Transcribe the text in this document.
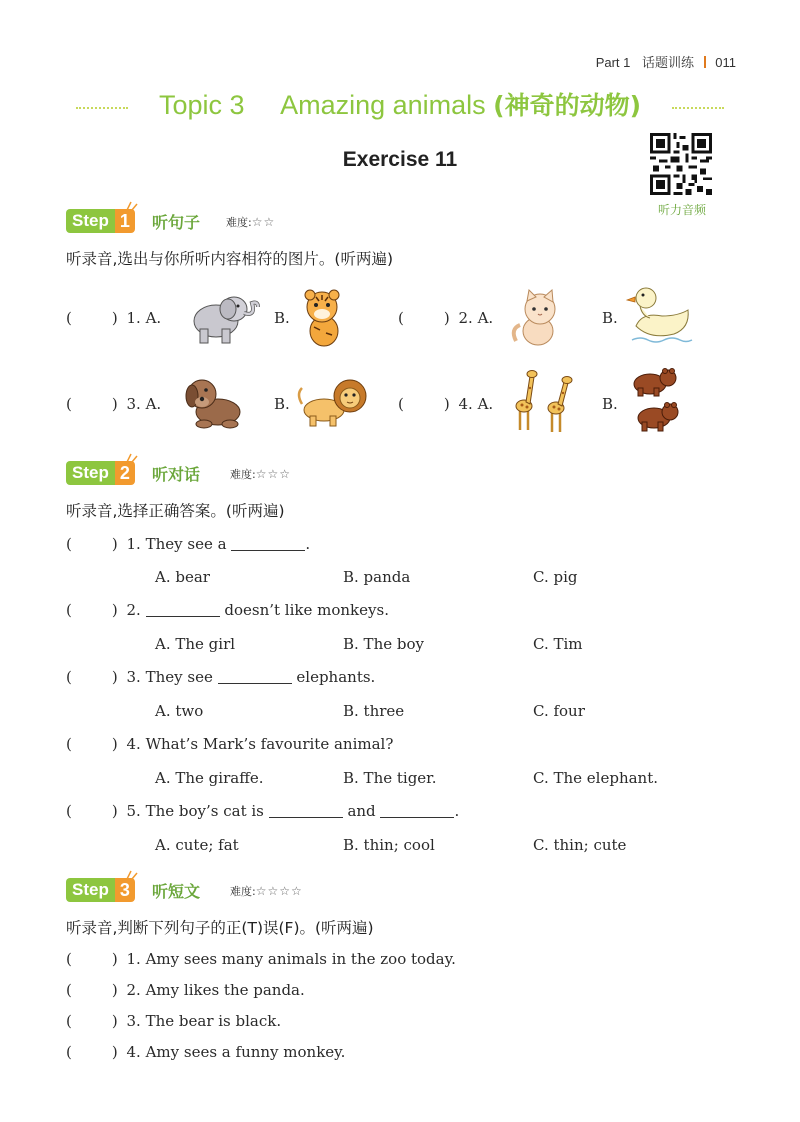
Part 1 话题训练 011
Topic 3 Amazing animals (神奇的动物)
Exercise 11
听力音频
Step 1	听句子 难度:☆☆
听录音,选出与你所听内容相符的图片。(听两遍)
(	) 1. A.	B.	(	) 2. A.	B.
(	) 3. A.	B.	(	) 4. A.	B.
Step 2	听对话	难度:☆☆☆
听录音,选择正确答案。(听两遍)
(	) 1. They see a	.
A. bear	B. panda	C. pig
(	) 2.	doesn’t like monkeys.
A. The girl	B. The boy	C. Tim
(	) 3. They see	elephants.
A. two	B. three	C. four
(	) 4. What’s Mark’s favourite animal?
A. The giraffe.	B. The tiger.	C. The elephant.
(	) 5. The boy’s cat is	and	.
A. cute; fat	B. thin; cool	C. thin; cute
Step 3	听短文	难度:☆☆☆☆
听录音,判断下列句子的正(T)误(F)。(听两遍)
(	) 1. Amy sees many animals in the zoo today.
(	) 2. Amy likes the panda.
(	) 3. The bear is black.
(	) 4. Amy sees a funny monkey.
